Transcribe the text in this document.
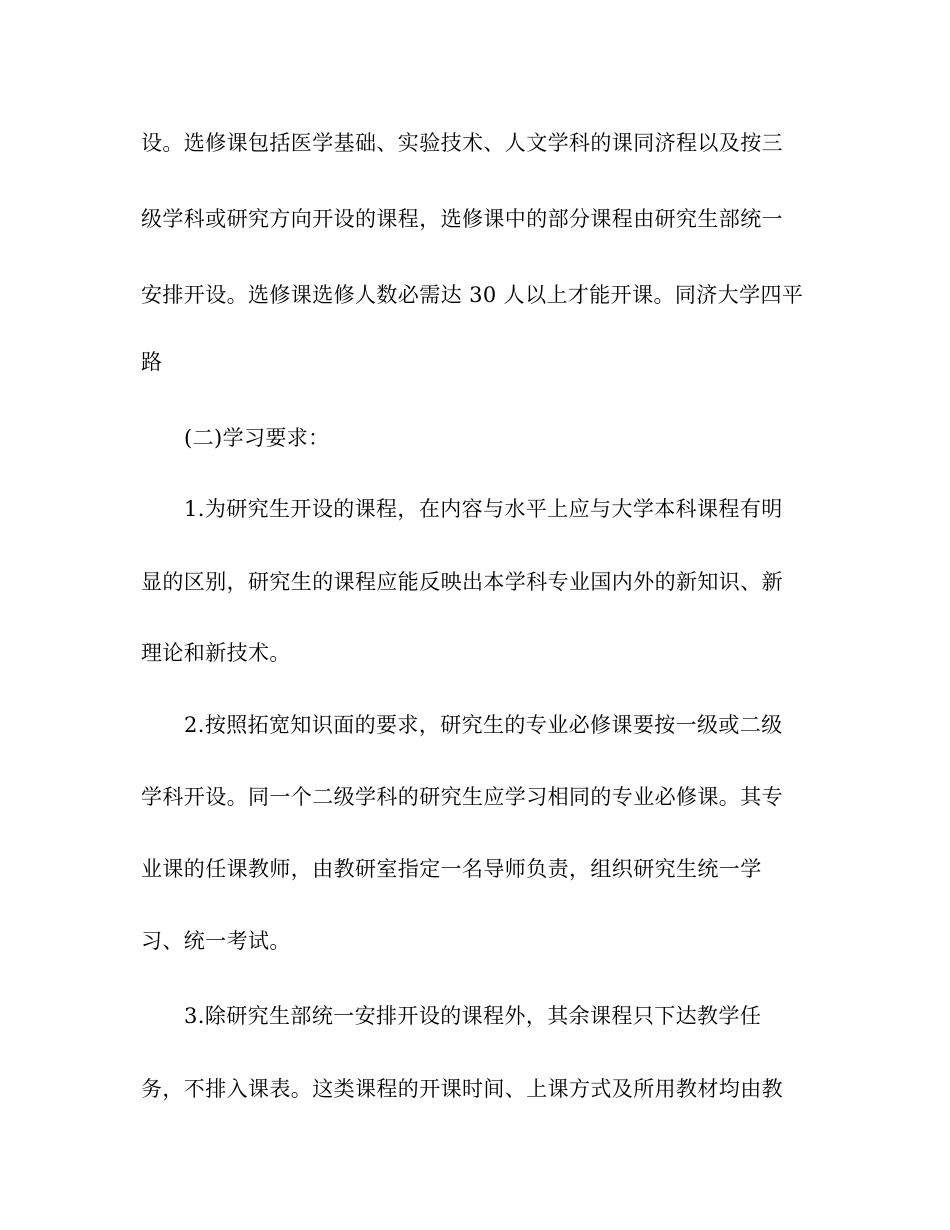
设。选修课包括医学基础、实验技术、人文学科的课同济程以及按三
级学科或研究方向开设的课程，选修课中的部分课程由研究生部统一
安排开设。选修课选修人数必需达 30 人以上才能开课。同济大学四平
路
(二)学习要求：
1.为研究生开设的课程，在内容与水平上应与大学本科课程有明
显的区别，研究生的课程应能反映出本学科专业国内外的新知识、新
理论和新技术。
2.按照拓宽知识面的要求，研究生的专业必修课要按一级或二级
学科开设。同一个二级学科的研究生应学习相同的专业必修课。其专
业课的任课教师，由教研室指定一名导师负责，组织研究生统一学
习、统一考试。
3.除研究生部统一安排开设的课程外，其余课程只下达教学任
务，不排入课表。这类课程的开课时间、上课方式及所用教材均由教
